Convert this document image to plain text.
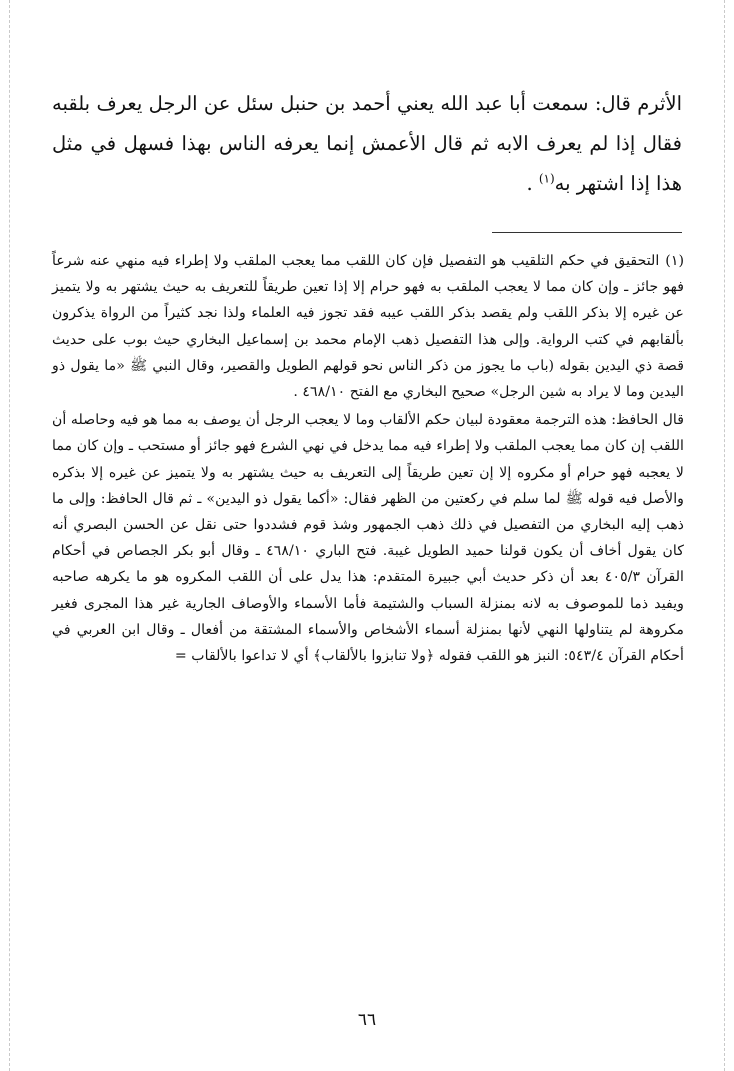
الأثرم قال: سمعت أبا عبد الله يعني أحمد بن حنبل سئل عن الرجل يعرف بلقبه فقال إذا لم يعرف الابه ثم قال الأعمش إنما يعرفه الناس بهذا فسهل في مثل هذا إذا اشتهر به$^{(١)}$ .

(١)التحقيق في حكم التلقيب هو التفصيل فإن كان اللقب مما يعجب الملقب ولا إطراء فيه منهي عنه شرعاً فهو جائز ـ وإن كان مما لا يعجب الملقب به فهو حرام إلا إذا تعين طريقاً للتعريف به حيث يشتهر به ولا يتميز عن غيره إلا بذكر اللقب ولم يقصد بذكر اللقب عيبه فقد تجوز فيه العلماء ولذا نجد كثيراً من الرواة يذكرون بألقابهم في كتب الرواية. وإلى هذا التفصيل ذهب الإمام محمد بن إسماعيل البخاري حيث بوب على حديث قصة ذي اليدين بقوله (باب ما يجوز من ذكر الناس نحو قولهم الطويل والقصير، وقال النبي ﷺ «ما يقول ذو اليدين وما لا يراد به شين الرجل» صحيح البخاري مع الفتح ٤٦٨/١٠ .

قال الحافظ: هذه الترجمة معقودة لبيان حكم الألقاب وما لا يعجب الرجل أن يوصف به مما هو فيه وحاصله أن اللقب إن كان مما يعجب الملقب ولا إطراء فيه مما يدخل في نهي الشرع فهو جائز أو مستحب ـ وإن كان مما لا يعجبه فهو حرام أو مكروه إلا إن تعين طريقاً إلى التعريف به حيث يشتهر به ولا يتميز عن غيره إلا بذكره والأصل فيه قوله ﷺ لما سلم في ركعتين من الظهر فقال: «أكما يقول ذو اليدين» ـ ثم قال الحافظ: وإلى ما ذهب إليه البخاري من التفصيل في ذلك ذهب الجمهور وشذ قوم فشددوا حتى نقل عن الحسن البصري أنه كان يقول أخاف أن يكون قولنا حميد الطويل غيبة. فتح الباري ٤٦٨/١٠ ـ وقال أبو بكر الجصاص في أحكام القرآن ٤٠٥/٣ بعد أن ذكر حديث أبي جبيرة المتقدم: هذا يدل على أن اللقب المكروه هو ما يكرهه صاحبه ويفيد ذما للموصوف به لانه بمنزلة السباب والشتيمة فأما الأسماء والأوصاف الجارية غير هذا المجرى فغير مكروهة لم يتناولها النهي لأنها بمنزلة أسماء الأشخاص والأسماء المشتقة من أفعال ـ وقال ابن العربي في أحكام القرآن ٥٤٣/٤: النبز هو اللقب فقوله ﴿ولا تنابزوا بالألقاب﴾ أي لا تداعوا بالألقاب =

٦٦
